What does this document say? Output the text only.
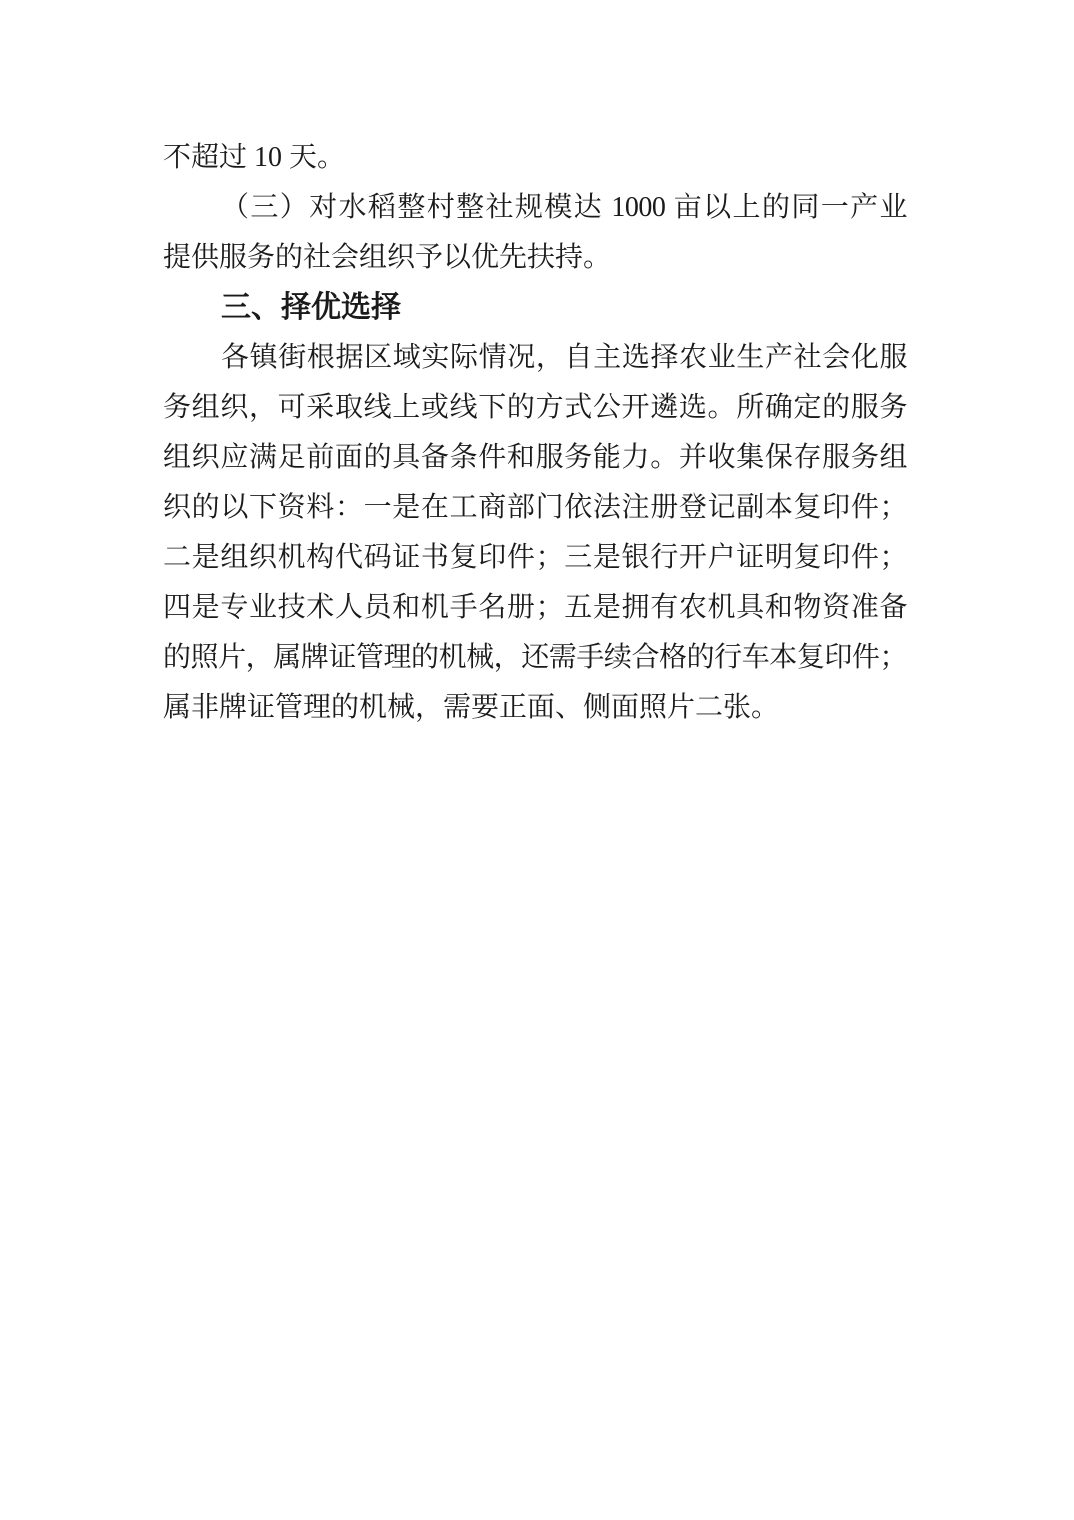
不超过 10 天。
（三）对水稻整村整社规模达 1000 亩以上的同一产业
提供服务的社会组织予以优先扶持。
三、择优选择
各镇街根据区域实际情况，自主选择农业生产社会化服
务组织，可采取线上或线下的方式公开遴选。所确定的服务
组织应满足前面的具备条件和服务能力。并收集保存服务组
织的以下资料：一是在工商部门依法注册登记副本复印件；
二是组织机构代码证书复印件；三是银行开户证明复印件；
四是专业技术人员和机手名册；五是拥有农机具和物资准备
的照片，属牌证管理的机械，还需手续合格的行车本复印件；
属非牌证管理的机械，需要正面、侧面照片二张。
